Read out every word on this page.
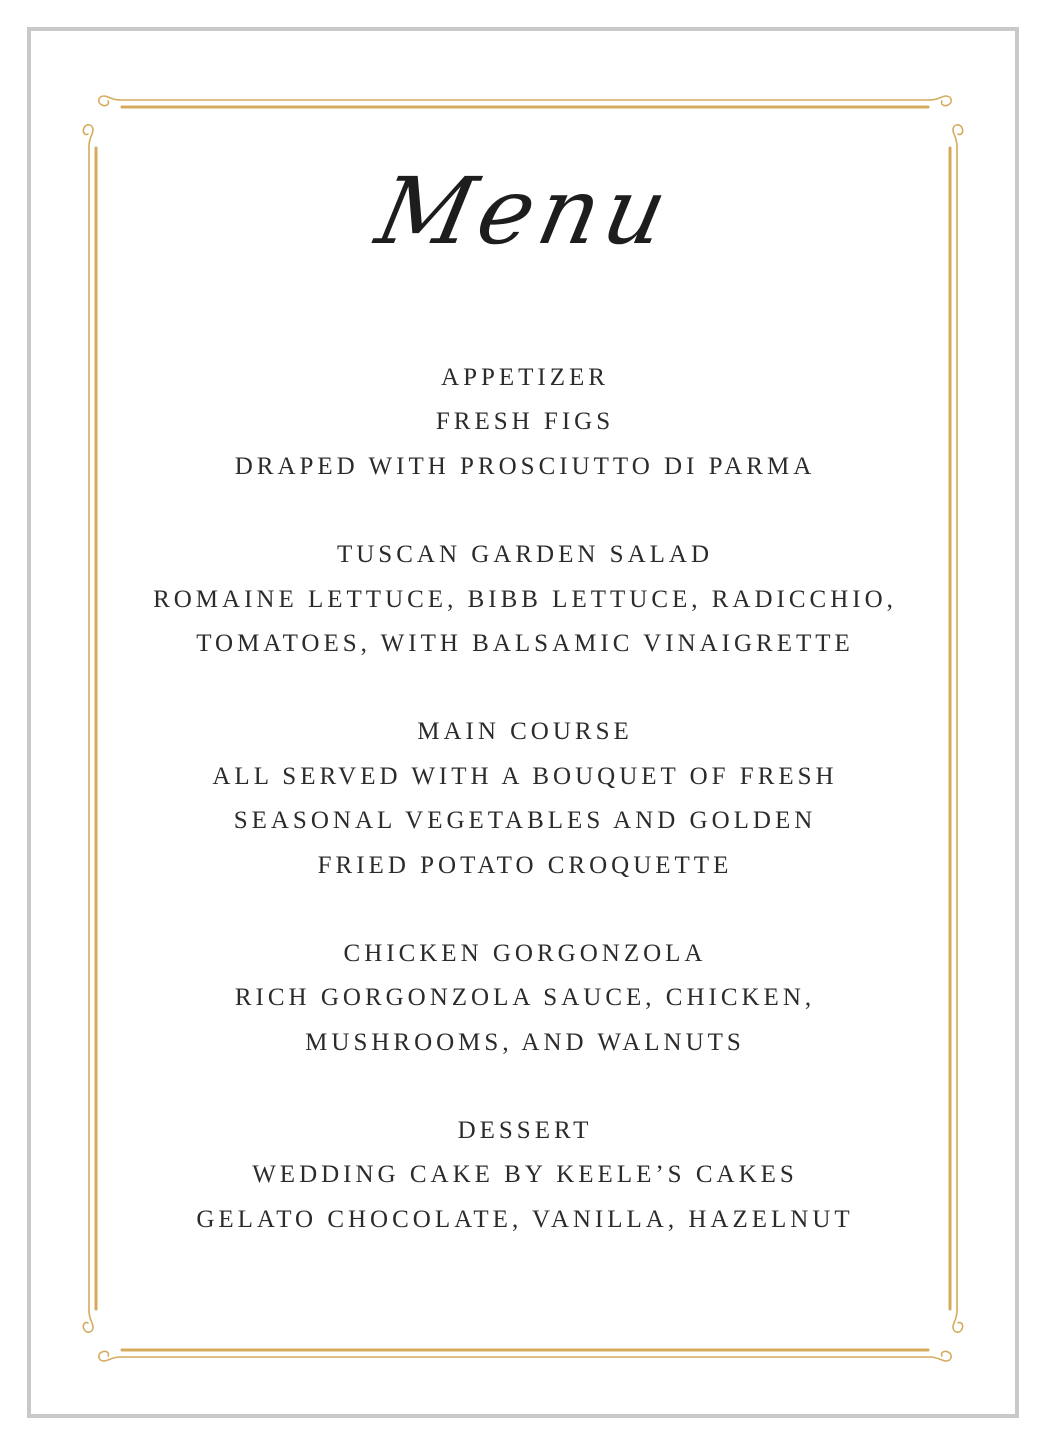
Menu
APPETIZER
FRESH FIGS
DRAPED WITH PROSCIUTTO DI PARMA
TUSCAN GARDEN SALAD
ROMAINE LETTUCE, BIBB LETTUCE, RADICCHIO,
TOMATOES, WITH BALSAMIC VINAIGRETTE
MAIN COURSE
ALL SERVED WITH A BOUQUET OF FRESH
SEASONAL VEGETABLES AND GOLDEN
FRIED POTATO CROQUETTE
CHICKEN GORGONZOLA
RICH GORGONZOLA SAUCE, CHICKEN,
MUSHROOMS, AND WALNUTS
DESSERT
WEDDING CAKE BY KEELE’S CAKES
GELATO CHOCOLATE, VANILLA, HAZELNUT
